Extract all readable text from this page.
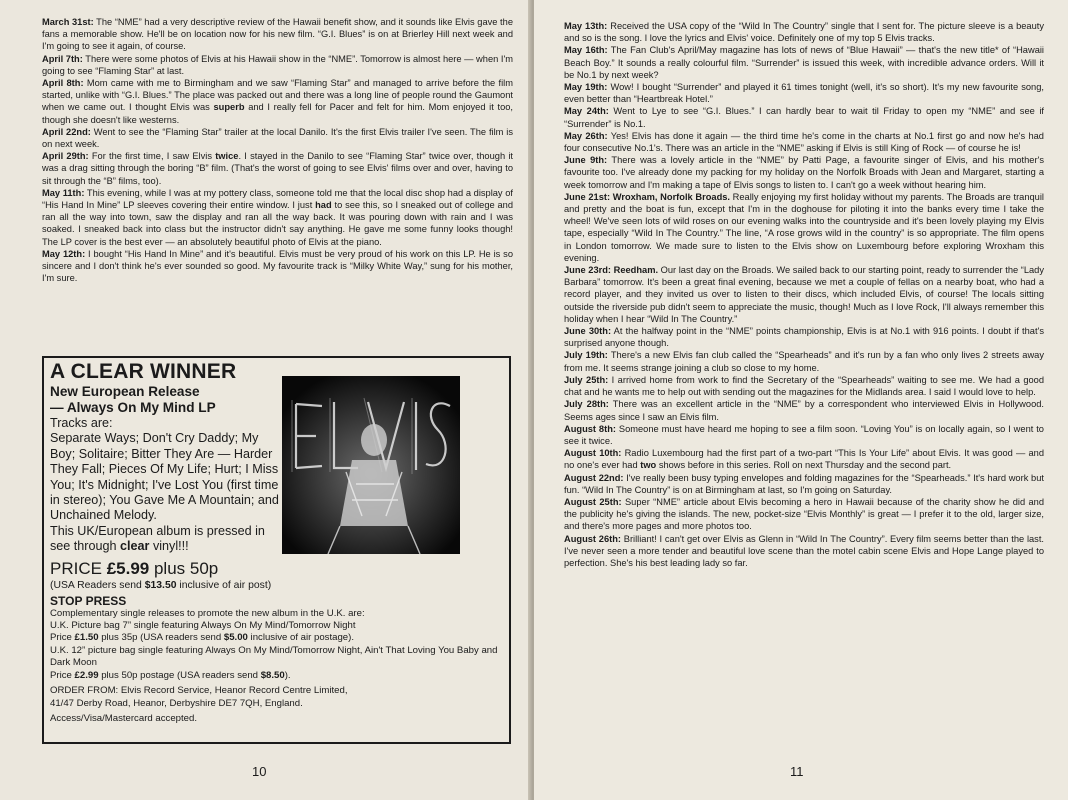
March 31st: The “NME” had a very descriptive review of the Hawaii benefit show, and it sounds like Elvis gave the fans a memorable show. He'll be on location now for his new film. “G.I. Blues” is on at Brierley Hill next week and I'm going to see it again, of course.

April 7th: There were some photos of Elvis at his Hawaii show in the “NME”. Tomorrow is almost here — when I'm going to see “Flaming Star” at last.

April 8th: Mom came with me to Birmingham and we saw “Flaming Star” and managed to arrive before the film started, unlike with “G.I. Blues.” The place was packed out and there was a long line of people round the Gaumont when we came out. I thought Elvis was superb and I really fell for Pacer and felt for him. Mom enjoyed it too, though she doesn't like westerns.

April 22nd: Went to see the “Flaming Star” trailer at the local Danilo. It's the first Elvis trailer I've seen. The film is on next week.

April 29th: For the first time, I saw Elvis twice. I stayed in the Danilo to see “Flaming Star” twice over, though it was a drag sitting through the boring “B” film. (That's the worst of going to see Elvis' films over and over, having to sit through the “B” films, too).

May 11th: This evening, while I was at my pottery class, someone told me that the local disc shop had a display of “His Hand In Mine” LP sleeves covering their entire window. I just had to see this, so I sneaked out of college and ran all the way into town, saw the display and ran all the way back. It was pouring down with rain and I was soaked. I sneaked back into class but the instructor didn't say anything. He gave me some funny looks though! The LP cover is the best ever — an absolutely beautiful photo of Elvis at the piano.

May 12th: I bought “His Hand In Mine” and it's beautiful. Elvis must be very proud of his work on this LP. He is so sincere and I don't think he's ever sounded so good. My favourite track is “Milky White Way,” sung for his mother, I'm sure.

A CLEAR WINNER
New European Release
— Always On My Mind LP
Tracks are:
Separate Ways; Don't Cry Daddy; My Boy; Solitaire; Bitter They Are — Harder They Fall; Pieces Of My Life; Hurt; I Miss You; It's Midnight; I've Lost You (first time in stereo); You Gave Me A Mountain; and Unchained Melody.
This UK/European album is pressed in see through clear vinyl!!!
PRICE £5.99 plus 50p
(USA Readers send $13.50 inclusive of air post)
STOP PRESS
Complementary single releases to promote the new album in the U.K. are:
U.K. Picture bag 7” single featuring Always On My Mind/Tomorrow Night
Price £1.50 plus 35p (USA readers send $5.00 inclusive of air postage).
U.K. 12” picture bag single featuring Always On My Mind/Tomorrow Night, Ain't That Loving You Baby and Dark Moon
Price £2.99 plus 50p postage (USA readers send $8.50).
ORDER FROM: Elvis Record Service, Heanor Record Centre Limited,
41/47 Derby Road, Heanor, Derbyshire DE7 7QH, England.
Access/Visa/Mastercard accepted.
10

May 13th: Received the USA copy of the “Wild In The Country” single that I sent for. The picture sleeve is a beauty and so is the song. I love the lyrics and Elvis' voice. Definitely one of my top 5 Elvis tracks.

May 16th: The Fan Club's April/May magazine has lots of news of “Blue Hawaii” — that's the new title* of “Hawaii Beach Boy.” It sounds a really colourful film. “Surrender” is issued this week, with incredible advance orders. Will it be No.1 by next week?

May 19th: Wow! I bought “Surrender” and played it 61 times tonight (well, it's so short). It's my new favourite song, even better than “Heartbreak Hotel.”

May 24th: Went to Lye to see “G.I. Blues.” I can hardly bear to wait til Friday to open my “NME” and see if “Surrender” is No.1.

May 26th: Yes! Elvis has done it again — the third time he's come in the charts at No.1 first go and now he's had four consecutive No.1's. There was an article in the “NME” asking if Elvis is still King of Rock — of course he is!

June 9th: There was a lovely article in the “NME” by Patti Page, a favourite singer of Elvis, and his mother's favourite too. I've already done my packing for my holiday on the Norfolk Broads with Jean and Margaret, starting a week tomorrow and I'm making a tape of Elvis songs to listen to. I can't go a week without hearing him.

June 21st: Wroxham, Norfolk Broads. Really enjoying my first holiday without my parents. The Broads are tranquil and pretty and the boat is fun, except that I'm in the doghouse for piloting it into the banks every time I take the wheel! We've seen lots of wild roses on our evening walks into the countryside and it's been lovely playing my Elvis tape, especially “Wild In The Country.” The line, “A rose grows wild in the country” is so appropriate. The film opens in London tomorrow. We made sure to listen to the Elvis show on Luxembourg before exploring Wroxham this evening.

June 23rd: Reedham. Our last day on the Broads. We sailed back to our starting point, ready to surrender the “Lady Barbara” tomorrow. It's been a great final evening, because we met a couple of fellas on a nearby boat, who had a record player, and they invited us over to listen to their discs, which included Elvis, of course! The locals sitting outside the riverside pub didn't seem to appreciate the music, though! Much as I love Rock, I'll always remember this holiday when I hear “Wild In The Country.”

June 30th: At the halfway point in the “NME” points championship, Elvis is at No.1 with 916 points. I doubt if that's surprised anyone though.

July 19th: There's a new Elvis fan club called the “Spearheads” and it's run by a fan who only lives 2 streets away from me. It seems strange joining a club so close to my home.

July 25th: I arrived home from work to find the Secretary of the “Spearheads” waiting to see me. We had a good chat and he wants me to help out with sending out the magazines for the Midlands area. I said I would love to help.

July 28th: There was an excellent article in the “NME” by a correspondent who interviewed Elvis in Hollywood. Seems ages since I saw an Elvis film.

August 8th: Someone must have heard me hoping to see a film soon. “Loving You” is on locally again, so I went to see it twice.

August 10th: Radio Luxembourg had the first part of a two-part “This Is Your Life” about Elvis. It was good — and no one's ever had two shows before in this series. Roll on next Thursday and the second part.

August 22nd: I've really been busy typing envelopes and folding magazines for the “Spearheads.” It's hard work but fun. “Wild In The Country” is on at Birmingham at last, so I'm going on Saturday.

August 25th: Super “NME” article about Elvis becoming a hero in Hawaii because of the charity show he did and the publicity he's giving the islands. The new, pocket-size “Elvis Monthly” is great — I prefer it to the old, larger size, and there's more pages and more photos too.

August 26th: Brilliant! I can't get over Elvis as Glenn in “Wild In The Country”. Every film seems better than the last. I've never seen a more tender and beautiful love scene than the motel cabin scene Elvis and Hope Lange played to perfection. She's his best leading lady so far.

11
